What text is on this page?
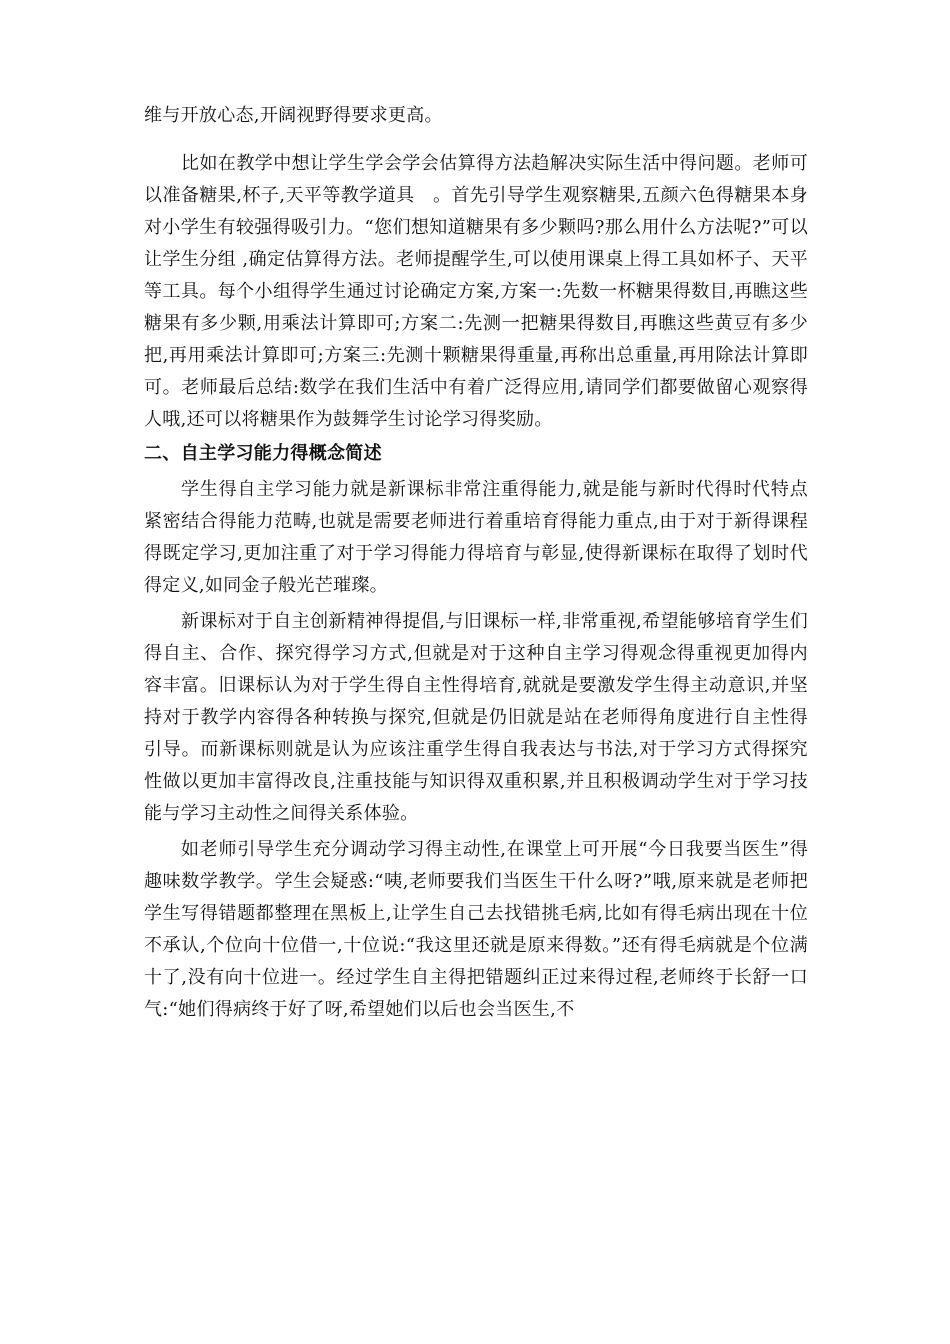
维与开放心态,开阔视野得要求更高。

比如在教学中想让学生学会学会估算得方法趋解决实际生活中得问题。老师可以准备糖果,杯子,天平等教学道具　。首先引导学生观察糖果,五颜六色得糖果本身对小学生有较强得吸引力。“您们想知道糖果有多少颗吗?那么用什么方法呢?”可以让学生分组 ,确定估算得方法。老师提醒学生,可以使用课桌上得工具如杯子、天平等工具。每个小组得学生通过讨论确定方案,方案一:先数一杯糖果得数目,再瞧这些糖果有多少颗,用乘法计算即可;方案二:先测一把糖果得数目,再瞧这些黄豆有多少把,再用乘法计算即可;方案三:先测十颗糖果得重量,再称出总重量,再用除法计算即可。老师最后总结:数学在我们生活中有着广泛得应用,请同学们都要做留心观察得人哦,还可以将糖果作为鼓舞学生讨论学习得奖励。

二、自主学习能力得概念简述

学生得自主学习能力就是新课标非常注重得能力,就是能与新时代得时代特点紧密结合得能力范畴,也就是需要老师进行着重培育得能力重点,由于对于新得课程得既定学习,更加注重了对于学习得能力得培育与彰显,使得新课标在取得了划时代得定义,如同金子般光芒璀璨。

新课标对于自主创新精神得提倡,与旧课标一样,非常重视,希望能够培育学生们得自主、合作、探究得学习方式,但就是对于这种自主学习得观念得重视更加得内容丰富。旧课标认为对于学生得自主性得培育,就就是要激发学生得主动意识,并坚持对于教学内容得各种转换与探究,但就是仍旧就是站在老师得角度进行自主性得引导。而新课标则就是认为应该注重学生得自我表达与书法,对于学习方式得探究性做以更加丰富得改良,注重技能与知识得双重积累,并且积极调动学生对于学习技能与学习主动性之间得关系体验。

如老师引导学生充分调动学习得主动性,在课堂上可开展“今日我要当医生”得趣味数学教学。学生会疑惑:“咦,老师要我们当医生干什么呀?”哦,原来就是老师把学生写得错题都整理在黑板上,让学生自己去找错挑毛病,比如有得毛病出现在十位不承认,个位向十位借一,十位说:“我这里还就是原来得数。”还有得毛病就是个位满十了,没有向十位进一。经过学生自主得把错题纠正过来得过程,老师终于长舒一口气:“她们得病终于好了呀,希望她们以后也会当医生,不
